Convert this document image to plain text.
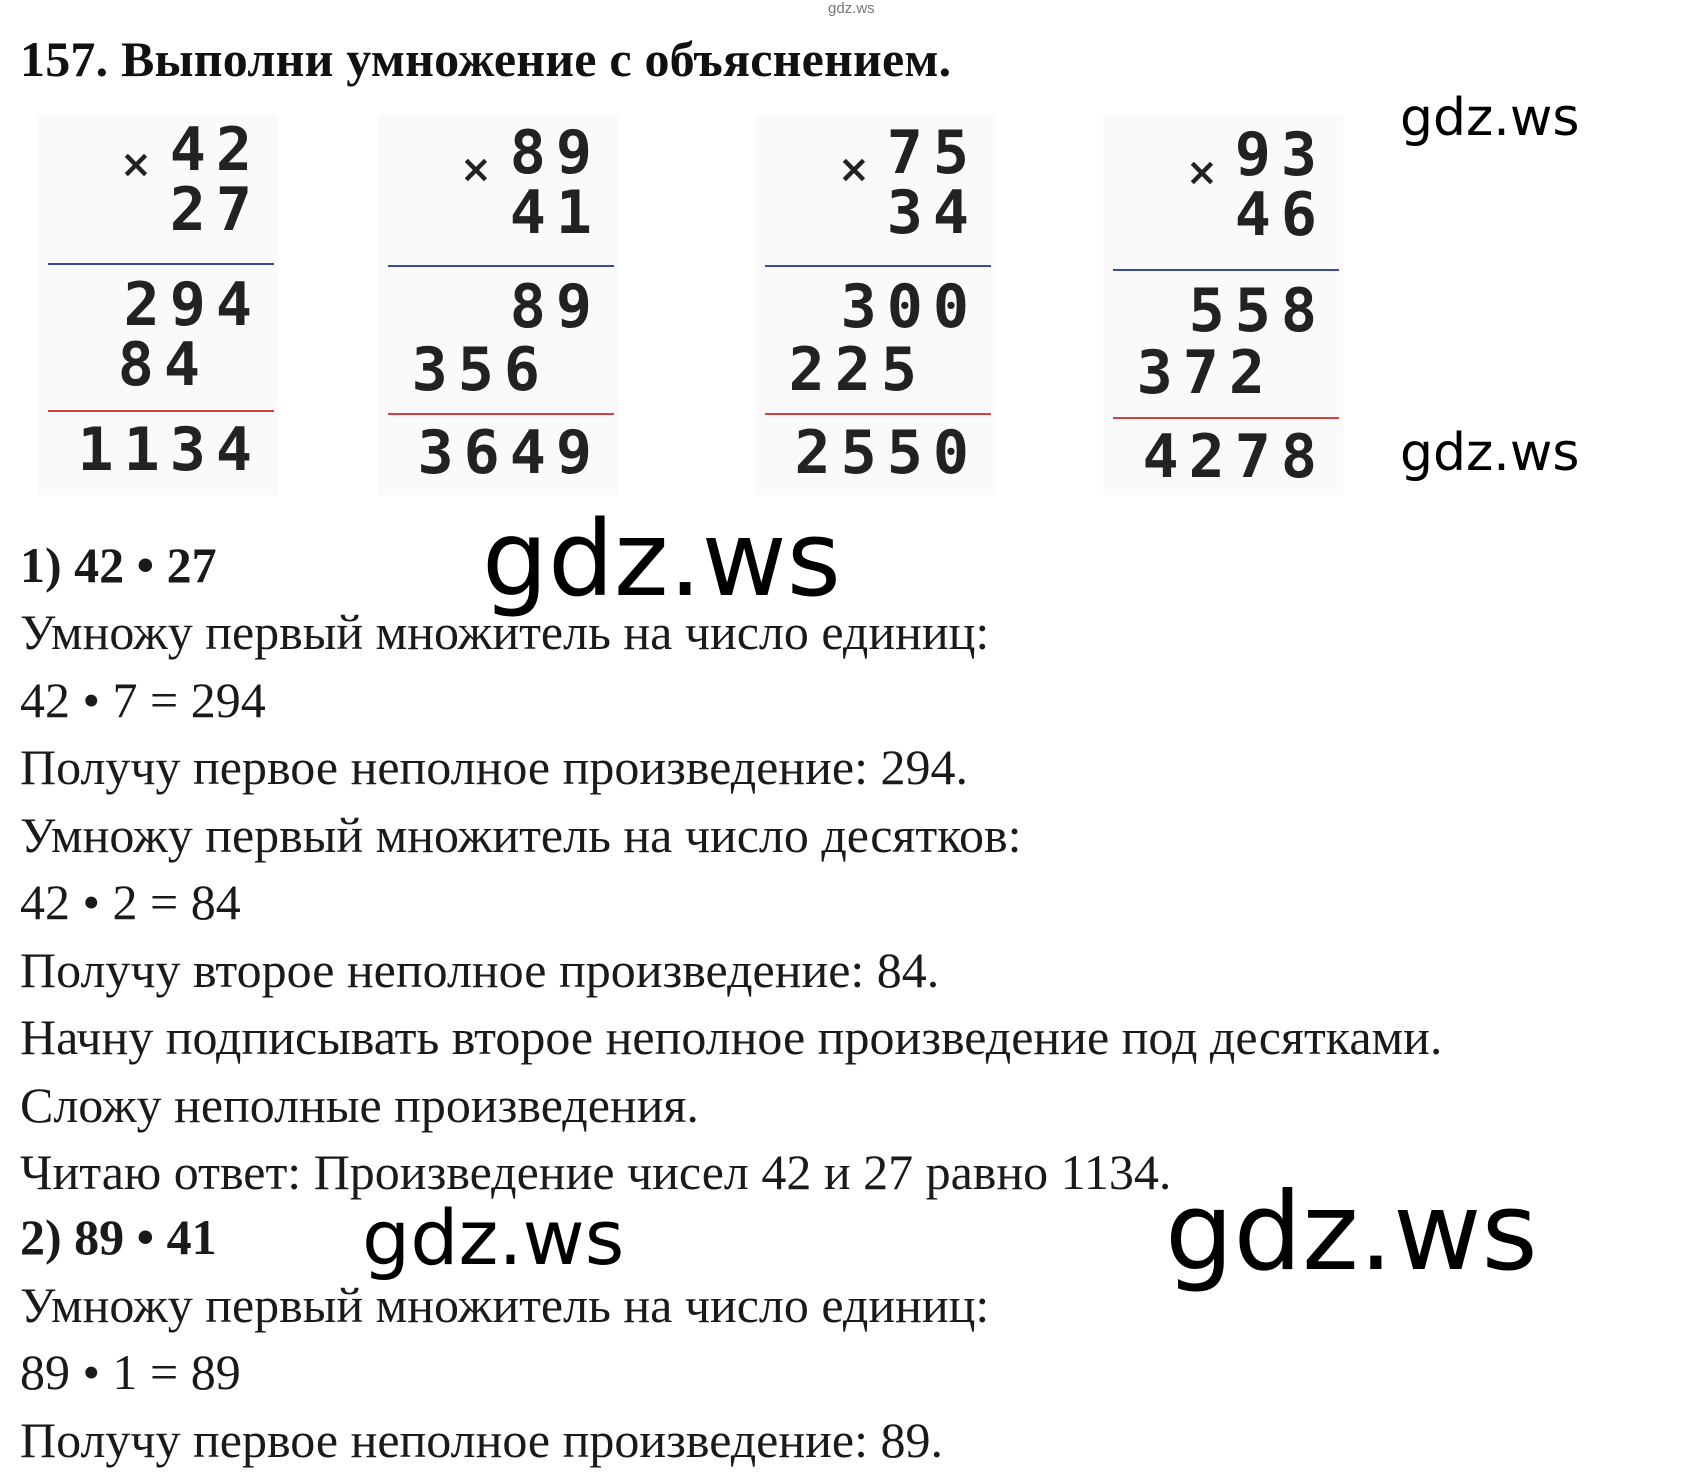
gdz.ws
157. Выполни умножение с объяснением.
× 42
27
294
84
1134
× 89
41
89
356
3649
× 75
34
300
225
2550
× 93
46
558
372
4278
gdz.ws
gdz.ws
1) 42 • 27
Умножу первый множитель на число единиц:
42 • 7 = 294
Получу первое неполное произведение: 294.
Умножу первый множитель на число десятков:
42 • 2 = 84
Получу второе неполное произведение: 84.
Начну подписывать второе неполное произведение под десятками.
Сложу неполные произведения.
Читаю ответ: Произведение чисел 42 и 27 равно 1134.
2) 89 • 41
Умножу первый множитель на число единиц:
89 • 1 = 89
Получу первое неполное произведение: 89.
gdz.ws
gdz.ws	gdz.ws
